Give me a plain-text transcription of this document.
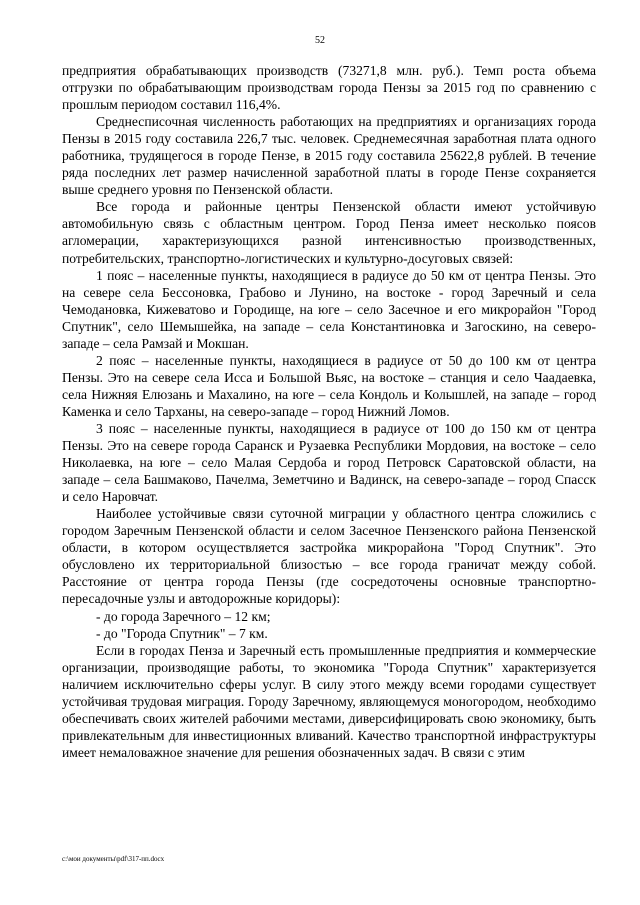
52

предприятия обрабатывающих производств (73271,8 млн. руб.). Темп роста объема отгрузки по обрабатывающим производствам города Пензы за 2015 год по сравнению с прошлым периодом составил 116,4%.

Среднесписочная численность работающих на предприятиях и организациях города Пензы в 2015 году составила 226,7 тыс. человек. Среднемесячная заработная плата одного работника, трудящегося в городе Пензе, в 2015 году составила 25622,8 рублей. В течение ряда последних лет размер начисленной заработной платы в городе Пензе сохраняется выше среднего уровня по Пензенской области.

Все города и районные центры Пензенской области имеют устойчивую автомобильную связь с областным центром. Город Пенза имеет несколько поясов агломерации, характеризующихся разной интенсивностью производственных, потребительских, транспортно-логистических и культурно-досуговых связей:

1 пояс – населенные пункты, находящиеся в радиусе до 50 км от центра Пензы. Это на севере села Бессоновка, Грабово и Лунино, на востоке - город Заречный и села Чемодановка, Кижеватово и Городище, на юге – село Засечное и его микрорайон "Город Спутник", село Шемышейка, на западе – села Константиновка и Загоскино, на северо-западе – села Рамзай и Мокшан.

2 пояс – населенные пункты, находящиеся в радиусе от 50 до 100 км от центра Пензы. Это на севере села Исса и Большой Вьяс, на востоке – станция и село Чаадаевка, села Нижняя Елюзань и Махалино, на юге – села Кондоль и Колышлей, на западе – город Каменка и село Тарханы, на северо-западе – город Нижний Ломов.

3 пояс – населенные пункты, находящиеся в радиусе от 100 до 150 км от центра Пензы. Это на севере города Саранск и Рузаевка Республики Мордовия, на востоке – село Николаевка, на юге – село Малая Сердоба и город Петровск Саратовской области, на западе – села Башмаково, Пачелма, Земетчино и Вадинск, на северо-западе – город Спасск и село Наровчат.

Наиболее устойчивые связи суточной миграции у областного центра сложились с городом Заречным Пензенской области и селом Засечное Пензенского района Пензенской области, в котором осуществляется застройка микрорайона "Город Спутник". Это обусловлено их территориальной близостью – все города граничат между собой. Расстояние от центра города Пензы (где сосредоточены основные транспортно-пересадочные узлы и автодорожные коридоры):

- до города Заречного – 12 км;

- до "Города Спутник" – 7 км.

Если в городах Пенза и Заречный есть промышленные предприятия и коммерческие организации, производящие работы, то экономика "Города Спутник" характеризуется наличием исключительно сферы услуг. В силу этого между всеми городами существует устойчивая трудовая миграция. Городу Заречному, являющемуся моногородом, необходимо обеспечивать своих жителей рабочими местами, диверсифицировать свою экономику, быть привлекательным для инвестиционных вливаний. Качество транспортной инфраструктуры имеет немаловажное значение для решения обозначенных задач. В связи с этим

с:\мои документы\pdf\317-пп.docx
